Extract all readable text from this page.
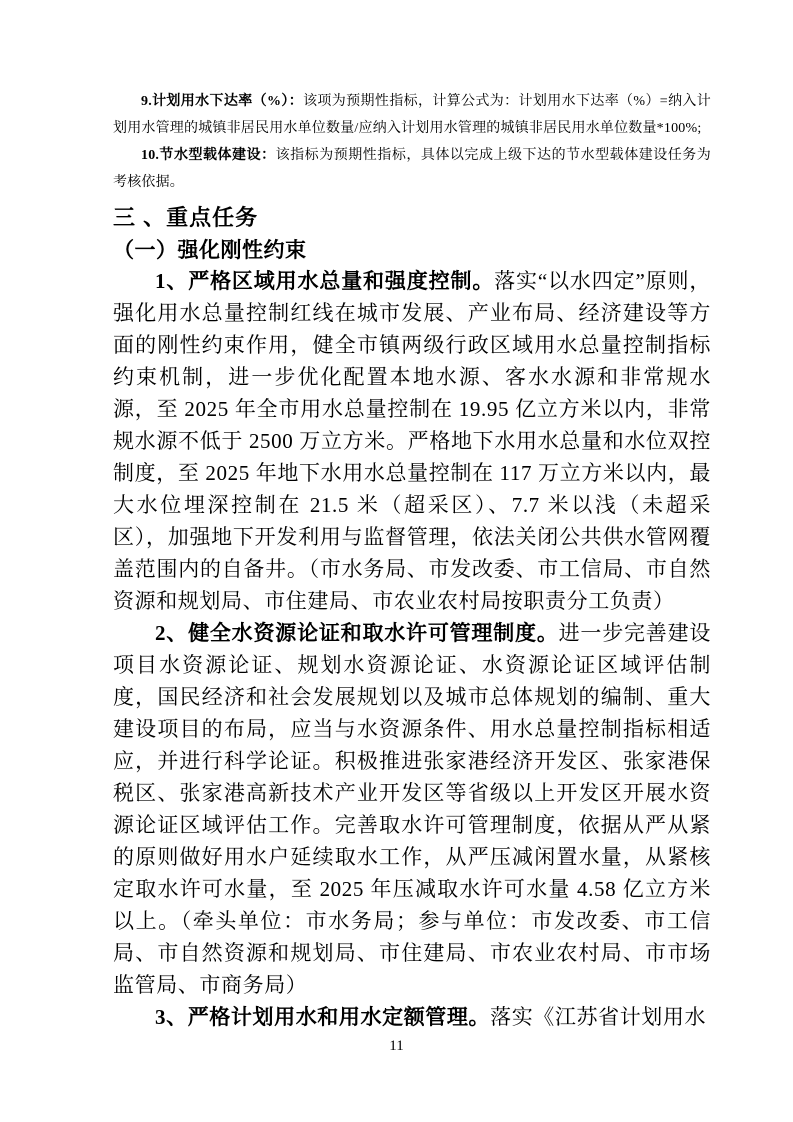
9.计划用水下达率（%）：该项为预期性指标，计算公式为：计划用水下达率（%）=纳入计划用水管理的城镇非居民用水单位数量/应纳入计划用水管理的城镇非居民用水单位数量*100%;

10.节水型载体建设：该指标为预期性指标，具体以完成上级下达的节水型载体建设任务为考核依据。

三 、重点任务
（一）强化刚性约束

1、严格区域用水总量和强度控制。落实“以水四定”原则，强化用水总量控制红线在城市发展、产业布局、经济建设等方面的刚性约束作用，健全市镇两级行政区域用水总量控制指标约束机制，进一步优化配置本地水源、客水水源和非常规水源，至 2025 年全市用水总量控制在 19.95 亿立方米以内，非常规水源不低于 2500 万立方米。严格地下水用水总量和水位双控制度，至 2025 年地下水用水总量控制在 117 万立方米以内，最大水位埋深控制在 21.5 米（超采区）、7.7 米以浅（未超采区），加强地下开发利用与监督管理，依法关闭公共供水管网覆盖范围内的自备井。（市水务局、市发改委、市工信局、市自然资源和规划局、市住建局、市农业农村局按职责分工负责）

2、健全水资源论证和取水许可管理制度。进一步完善建设项目水资源论证、规划水资源论证、水资源论证区域评估制度，国民经济和社会发展规划以及城市总体规划的编制、重大建设项目的布局，应当与水资源条件、用水总量控制指标相适应，并进行科学论证。积极推进张家港经济开发区、张家港保税区、张家港高新技术产业开发区等省级以上开发区开展水资源论证区域评估工作。完善取水许可管理制度，依据从严从紧的原则做好用水户延续取水工作，从严压减闲置水量，从紧核定取水许可水量，至 2025 年压减取水许可水量 4.58 亿立方米以上。（牵头单位：市水务局；参与单位：市发改委、市工信局、市自然资源和规划局、市住建局、市农业农村局、市市场监管局、市商务局）

3、严格计划用水和用水定额管理。落实《江苏省计划用水

11
